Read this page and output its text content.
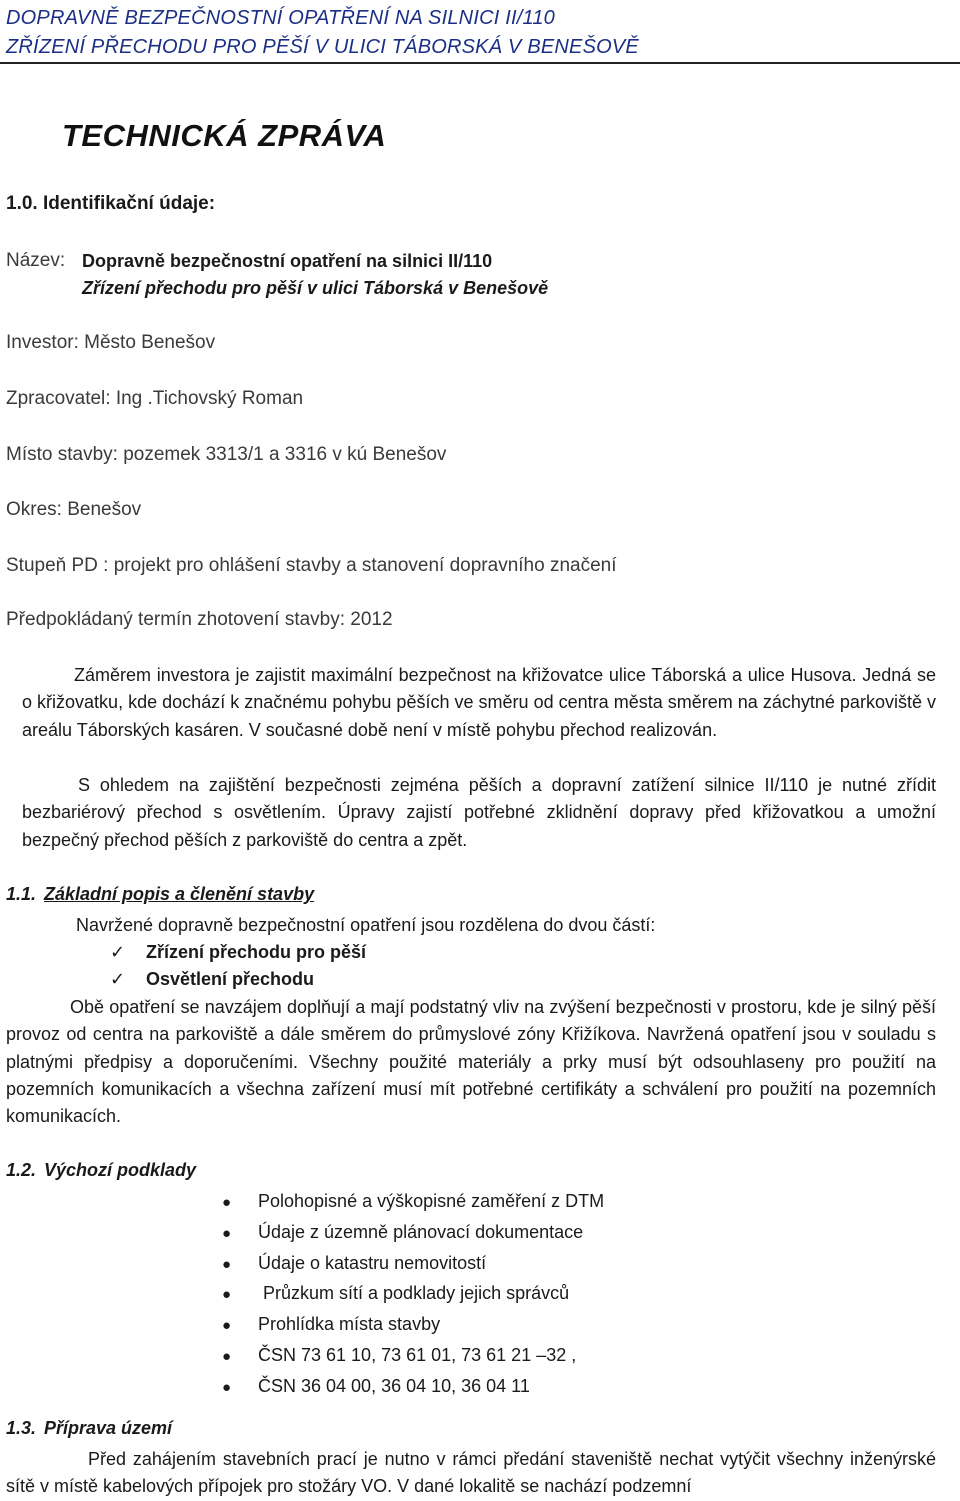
DOPRAVNĚ BEZPEČNOSTNÍ OPATŘENÍ NA SILNICI II/110
ZŘÍZENÍ PŘECHODU PRO PĚŠÍ V ULICI TÁBORSKÁ V BENEŠOVĚ
TECHNICKÁ ZPRÁVA
1.0. Identifikační údaje:
Název: Dopravně bezpečnostní opatření na silnici II/110
Zřízení přechodu pro pěší v ulici Táborská v Benešově
Investor: Město Benešov
Zpracovatel: Ing .Tichovský Roman
Místo stavby: pozemek 3313/1 a 3316 v kú Benešov
Okres: Benešov
Stupeň PD : projekt pro ohlášení stavby a stanovení dopravního značení
Předpokládaný termín zhotovení stavby: 2012
Záměrem investora je zajistit maximální bezpečnost na křižovatce ulice Táborská a ulice Husova. Jedná se o křižovatku, kde dochází k značnému pohybu pěších ve směru od centra města směrem na záchytné parkoviště v areálu Táborských kasáren. V současné době není v místě pohybu přechod realizován.
S ohledem na zajištění bezpečnosti zejména pěších a dopravní zatížení silnice II/110 je nutné zřídit bezbariérový přechod s osvětlením. Úpravy zajistí potřebné zklidnění dopravy před křižovatkou a umožní bezpečný přechod pěších z parkoviště do centra a zpět.
1.1. Základní popis a členění stavby
Navržené dopravně bezpečnostní opatření jsou rozdělena do dvou částí:
✓ Zřízení přechodu pro pěší
✓ Osvětlení přechodu
Obě opatření se navzájem doplňují a mají podstatný vliv na zvýšení bezpečnosti v prostoru, kde je silný pěší provoz od centra na parkoviště a dále směrem do průmyslové zóny Křižíkova. Navržená opatření jsou v souladu s platnými předpisy a doporučeními. Všechny použité materiály a prky musí být odsouhlaseny pro použití na pozemních komunikacích a všechna zařízení musí mít potřebné certifikáty a schválení pro použití na pozemních komunikacích.
1.2. Výchozí podklady
● Polohopisné a výškopisné zaměření z DTM
● Údaje z územně plánovací dokumentace
● Údaje o katastru nemovitostí
● Průzkum sítí a podklady jejich správců
● Prohlídka místa stavby
● ČSN 73 61 10, 73 61 01, 73 61 21 –32 ,
● ČSN 36 04 00, 36 04 10, 36 04 11
1.3. Příprava území
Před zahájením stavebních prací je nutno v rámci předání staveniště nechat vytýčit všechny inženýrské sítě v místě kabelových přípojek pro stožáry VO. V dané lokalitě se nachází podzemní
